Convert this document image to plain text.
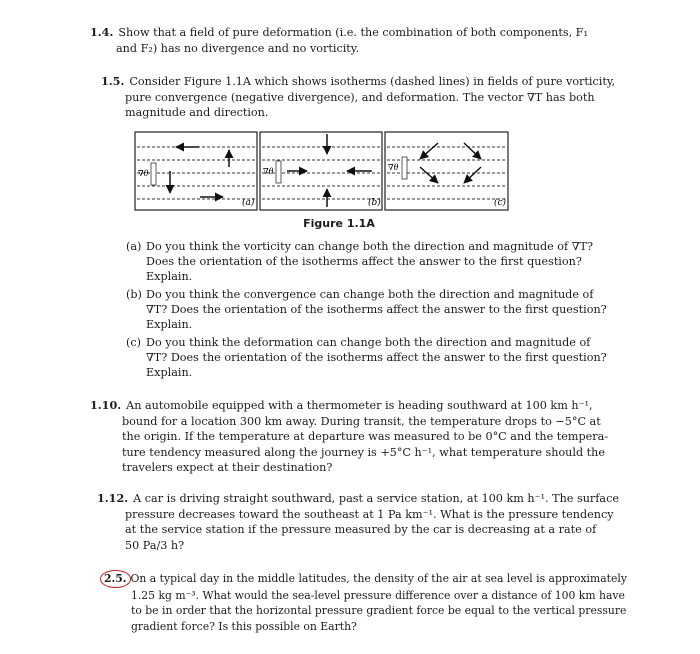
1.4. Show that a field of pure deformation (i.e. the combination of both components, F₁
and F₂) has no divergence and no vorticity.
1.5. Consider Figure 1.1A which shows isotherms (dashed lines) in fields of pure vorticity,
pure convergence (negative divergence), and deformation. The vector ∇T has both
magnitude and direction.
∇θ
(a)
∇θ
(b)
∇θ
(c)
Figure 1.1A
(a) Do you think the vorticity can change both the direction and magnitude of ∇T?
Does the orientation of the isotherms affect the answer to the first question?
Explain.
(b) Do you think the convergence can change both the direction and magnitude of
∇T? Does the orientation of the isotherms affect the answer to the first question?
Explain.
(c) Do you think the deformation can change both the direction and magnitude of
∇T? Does the orientation of the isotherms affect the answer to the first question?
Explain.
1.10. An automobile equipped with a thermometer is heading southward at 100 km h⁻¹,
bound for a location 300 km away. During transit, the temperature drops to −5°C at
the origin. If the temperature at departure was measured to be 0°C and the tempera-
ture tendency measured along the journey is +5°C h⁻¹, what temperature should the
travelers expect at their destination?
1.12. A car is driving straight southward, past a service station, at 100 km h⁻¹. The surface
pressure decreases toward the southeast at 1 Pa km⁻¹. What is the pressure tendency
at the service station if the pressure measured by the car is decreasing at a rate of
50 Pa/3 h?
2.5. On a typical day in the middle latitudes, the density of the air at sea level is approximately
1.25 kg m⁻³. What would the sea-level pressure difference over a distance of 100 km have
to be in order that the horizontal pressure gradient force be equal to the vertical pressure
gradient force? Is this possible on Earth?
